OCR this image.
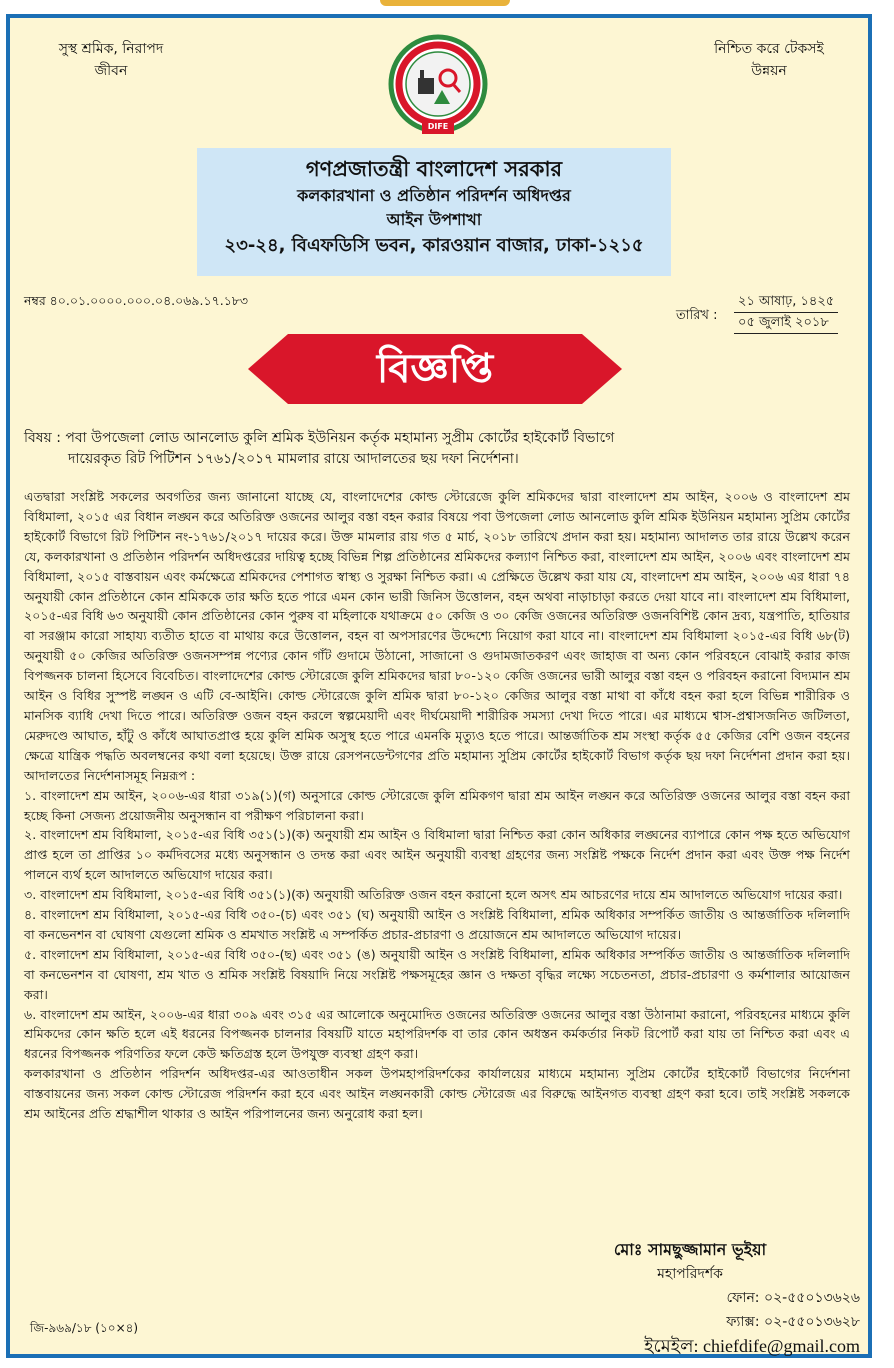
সুস্থ শ্রমিক, নিরাপদ
জীবন
DIFE
নিশ্চিত করে টেকসই
উন্নয়ন
গণপ্রজাতন্ত্রী বাংলাদেশ সরকার
কলকারখানা ও প্রতিষ্ঠান পরিদর্শন অধিদপ্তর
আইন উপশাখা
২৩-২৪, বিএফডিসি ভবন, কারওয়ান বাজার, ঢাকা-১২১৫
নম্বর ৪০.০১.০০০০.০০০.০৪.০৬৯.১৭.১৮৩
তারিখ :
২১ আষাঢ়, ১৪২৫
০৫ জুলাই ২০১৮
বিজ্ঞপ্তি
বিষয় : পবা উপজেলা লোড আনলোড কুলি শ্রমিক ইউনিয়ন কর্তৃক মহামান্য সুপ্রীম কোর্টের হাইকোর্ট বিভাগে
দায়েরকৃত রিট পিটিশন ১৭৬১/২০১৭ মামলার রায়ে আদালতের ছয় দফা নির্দেশনা।

এতদ্বারা সংশ্লিষ্ট সকলের অবগতির জন্য জানানো যাচ্ছে যে, বাংলাদেশের কোল্ড স্টোরেজে কুলি শ্রমিকদের দ্বারা বাংলাদেশ শ্রম আইন, ২০০৬ ও বাংলাদেশ শ্রম বিধিমালা, ২০১৫ এর বিধান লঙ্ঘন করে অতিরিক্ত ওজনের আলুর বস্তা বহন করার বিষয়ে পবা উপজেলা লোড আনলোড কুলি শ্রমিক ইউনিয়ন মহামান্য সুপ্রিম কোর্টের হাইকোর্ট বিভাগে রিট পিটিশন নং-১৭৬১/২০১৭ দায়ের করে। উক্ত মামলার রায় গত ৫ মার্চ, ২০১৮ তারিখে প্রদান করা হয়। মহামান্য আদালত তার রায়ে উল্লেখ করেন যে, কলকারখানা ও প্রতিষ্ঠান পরিদর্শন অধিদপ্তরের দায়িত্ব হচ্ছে বিভিন্ন শিল্প প্রতিষ্ঠানের শ্রমিকদের কল্যাণ নিশ্চিত করা, বাংলাদেশ শ্রম আইন, ২০০৬ এবং বাংলাদেশ শ্রম বিধিমালা, ২০১৫ বাস্তবায়ন এবং কর্মক্ষেত্রে শ্রমিকদের পেশাগত স্বাস্থ্য ও সুরক্ষা নিশ্চিত করা। এ প্রেক্ষিতে উল্লেখ করা যায় যে, বাংলাদেশ শ্রম আইন, ২০০৬ এর ধারা ৭৪ অনুযায়ী কোন প্রতিষ্ঠানে কোন শ্রমিককে তার ক্ষতি হতে পারে এমন কোন ভারী জিনিস উত্তোলন, বহন অথবা নাড়াচাড়া করতে দেয়া যাবে না। বাংলাদেশ শ্রম বিধিমালা, ২০১৫-এর বিধি ৬৩ অনুযায়ী কোন প্রতিষ্ঠানের কোন পুরুষ বা মহিলাকে যথাক্রমে ৫০ কেজি ও ৩০ কেজি ওজনের অতিরিক্ত ওজনবিশিষ্ট কোন দ্রব্য, যন্ত্রপাতি, হাতিয়ার বা সরঞ্জাম কারো সাহায্য ব্যতীত হাতে বা মাথায় করে উত্তোলন, বহন বা অপসারণের উদ্দেশ্যে নিয়োগ করা যাবে না। বাংলাদেশ শ্রম বিধিমালা ২০১৫-এর বিধি ৬৮(ট) অনুযায়ী ৫০ কেজির অতিরিক্ত ওজনসম্পন্ন পণ্যের কোন গাঁট গুদামে উঠানো, সাজানো ও গুদামজাতকরণ এবং জাহাজ বা অন্য কোন পরিবহনে বোঝাই করার কাজ বিপজ্জনক চালনা হিসেবে বিবেচিত। বাংলাদেশের কোল্ড স্টোরেজে কুলি শ্রমিকদের দ্বারা ৮০-১২০ কেজি ওজনের ভারী আলুর বস্তা বহন ও পরিবহন করানো বিদ্যমান শ্রম আইন ও বিধির সুস্পষ্ট লঙ্ঘন ও এটি বে-আইনি। কোল্ড স্টোরেজে কুলি শ্রমিক দ্বারা ৮০-১২০ কেজির আলুর বস্তা মাথা বা কাঁধে বহন করা হলে বিভিন্ন শারীরিক ও মানসিক ব্যাধি দেখা দিতে পারে। অতিরিক্ত ওজন বহন করলে স্বল্পমেয়াদী এবং দীর্ঘমেয়াদী শারীরিক সমস্যা দেখা দিতে পারে। এর মাধ্যমে শ্বাস-প্রশ্বাসজনিত জটিলতা, মেরুদণ্ডে আঘাত, হাঁটু ও কাঁধে আঘাতপ্রাপ্ত হয়ে কুলি শ্রমিক অসুস্থ হতে পারে এমনকি মৃত্যুও হতে পারে। আন্তর্জাতিক শ্রম সংস্থা কর্তৃক ৫৫ কেজির বেশি ওজন বহনের ক্ষেত্রে যান্ত্রিক পদ্ধতি অবলম্বনের কথা বলা হয়েছে। উক্ত রায়ে রেসপনডেন্টগণের প্রতি মহামান্য সুপ্রিম কোর্টের হাইকোর্ট বিভাগ কর্তৃক ছয় দফা নির্দেশনা প্রদান করা হয়। আদালতের নির্দেশনাসমূহ নিম্নরূপ :

১. বাংলাদেশ শ্রম আইন, ২০০৬-এর ধারা ৩১৯(১)(গ) অনুসারে কোল্ড স্টোরেজে কুলি শ্রমিকগণ দ্বারা শ্রম আইন লঙ্ঘন করে অতিরিক্ত ওজনের আলুর বস্তা বহন করা হচ্ছে কিনা সেজন্য প্রয়োজনীয় অনুসন্ধান বা পরীক্ষণ পরিচালনা করা।

২. বাংলাদেশ শ্রম বিধিমালা, ২০১৫-এর বিধি ৩৫১(১)(ক) অনুযায়ী শ্রম আইন ও বিধিমালা দ্বারা নিশ্চিত করা কোন অধিকার লঙ্ঘনের ব্যাপারে কোন পক্ষ হতে অভিযোগ প্রাপ্ত হলে তা প্রাপ্তির ১০ কর্মদিবসের মধ্যে অনুসন্ধান ও তদন্ত করা এবং আইন অনুযায়ী ব্যবস্থা গ্রহণের জন্য সংশ্লিষ্ট পক্ষকে নির্দেশ প্রদান করা এবং উক্ত পক্ষ নির্দেশ পালনে ব্যর্থ হলে আদালতে অভিযোগ দায়ের করা।

৩. বাংলাদেশ শ্রম বিধিমালা, ২০১৫-এর বিধি ৩৫১(১)(ক) অনুযায়ী অতিরিক্ত ওজন বহন করানো হলে অসৎ শ্রম আচরণের দায়ে শ্রম আদালতে অভিযোগ দায়ের করা।

৪. বাংলাদেশ শ্রম বিধিমালা, ২০১৫-এর বিধি ৩৫০-(চ) এবং ৩৫১ (ঘ) অনুযায়ী আইন ও সংশ্লিষ্ট বিধিমালা, শ্রমিক অধিকার সম্পর্কিত জাতীয় ও আন্তর্জাতিক দলিলাদি বা কনভেনশন বা ঘোষণা যেগুলো শ্রমিক ও শ্রমখাত সংশ্লিষ্ট এ সম্পর্কিত প্রচার-প্রচারণা ও প্রয়োজনে শ্রম আদালতে অভিযোগ দায়ের।

৫. বাংলাদেশ শ্রম বিধিমালা, ২০১৫-এর বিধি ৩৫০-(ছ) এবং ৩৫১ (ঙ) অনুযায়ী আইন ও সংশ্লিষ্ট বিধিমালা, শ্রমিক অধিকার সম্পর্কিত জাতীয় ও আন্তর্জাতিক দলিলাদি বা কনভেনশন বা ঘোষণা, শ্রম খাত ও শ্রমিক সংশ্লিষ্ট বিষয়াদি নিয়ে সংশ্লিষ্ট পক্ষসমূহের জ্ঞান ও দক্ষতা বৃদ্ধির লক্ষ্যে সচেতনতা, প্রচার-প্রচারণা ও কর্মশালার আয়োজন করা।

৬. বাংলাদেশ শ্রম আইন, ২০০৬-এর ধারা ৩০৯ এবং ৩১৫ এর আলোকে অনুমোদিত ওজনের অতিরিক্ত ওজনের আলুর বস্তা উঠানামা করানো, পরিবহনের মাধ্যমে কুলি শ্রমিকদের কোন ক্ষতি হলে এই ধরনের বিপজ্জনক চালনার বিষয়টি যাতে মহাপরিদর্শক বা তার কোন অধস্তন কর্মকর্তার নিকট রিপোর্ট করা যায় তা নিশ্চিত করা এবং এ ধরনের বিপজ্জনক পরিণতির ফলে কেউ ক্ষতিগ্রস্ত হলে উপযুক্ত ব্যবস্থা গ্রহণ করা।

কলকারখানা ও প্রতিষ্ঠান পরিদর্শন অধিদপ্তর-এর আওতাধীন সকল উপমহাপরিদর্শকের কার্যালয়ের মাধ্যমে মহামান্য সুপ্রিম কোর্টের হাইকোর্ট বিভাগের নির্দেশনা বাস্তবায়নের জন্য সকল কোল্ড স্টোরেজ পরিদর্শন করা হবে এবং আইন লঙ্ঘনকারী কোল্ড স্টোরেজ এর বিরুদ্ধে আইনগত ব্যবস্থা গ্রহণ করা হবে। তাই সংশ্লিষ্ট সকলকে শ্রম আইনের প্রতি শ্রদ্ধাশীল থাকার ও আইন পরিপালনের জন্য অনুরোধ করা হল।

মোঃ সামছুজ্জামান ভূইয়া
মহাপরিদর্শক
ফোন: ০২-৫৫০১৩৬২৬
ফ্যাক্স: ০২-৫৫০১৩৬২৮
ইমেইল: chiefdife@gmail.com
জি-৯৬৯/১৮ (১০×৪)
